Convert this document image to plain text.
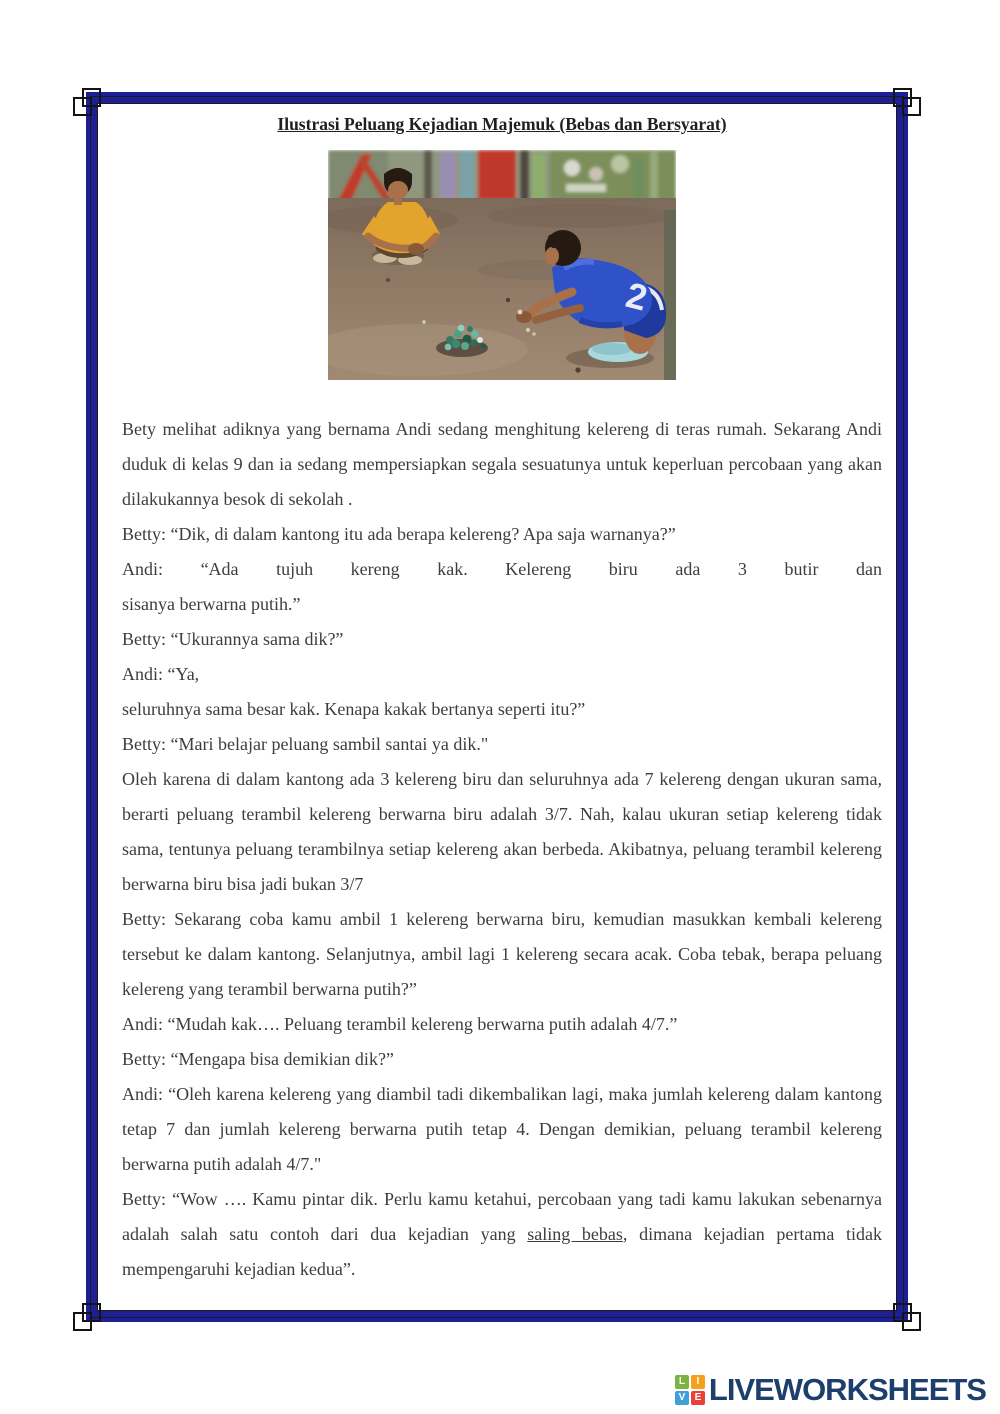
Ilustrasi Peluang Kejadian Majemuk (Bebas dan Bersyarat)
2

Bety melihat adiknya yang bernama Andi sedang menghitung kelereng di teras rumah. Sekarang Andi duduk di kelas 9 dan ia sedang mempersiapkan segala sesuatunya untuk keperluan percobaan yang akan dilakukannya besok di sekolah .

Betty: “Dik, di dalam kantong itu ada berapa kelereng? Apa saja warnanya?”

Andi: “Ada tujuh kereng kak. Kelereng biru ada 3 butir dan
sisanya berwarna putih.”

Betty: “Ukurannya sama dik?”

Andi: “Ya,

seluruhnya sama besar kak. Kenapa kakak bertanya seperti itu?”

Betty: “Mari belajar peluang sambil santai ya dik."

Oleh karena di dalam kantong ada 3 kelereng biru dan seluruhnya ada 7 kelereng dengan ukuran sama, berarti peluang terambil kelereng berwarna biru adalah 3/7. Nah, kalau ukuran setiap kelereng tidak sama, tentunya peluang terambilnya setiap kelereng akan berbeda. Akibatnya, peluang terambil kelereng berwarna biru bisa jadi bukan 3/7

Betty: Sekarang coba kamu ambil 1 kelereng berwarna biru, kemudian masukkan kembali kelereng tersebut ke dalam kantong. Selanjutnya, ambil lagi 1 kelereng secara acak. Coba tebak, berapa peluang kelereng yang terambil berwarna putih?”

Andi: “Mudah kak…. Peluang terambil kelereng berwarna putih adalah 4/7.”

Betty: “Mengapa bisa demikian dik?”

Andi: “Oleh karena kelereng yang diambil tadi dikembalikan lagi, maka jumlah kelereng dalam kantong tetap 7 dan jumlah kelereng berwarna putih tetap 4. Dengan demikian, peluang terambil kelereng berwarna putih adalah 4/7."

Betty: “Wow …. Kamu pintar dik. Perlu kamu ketahui, percobaan yang tadi kamu lakukan sebenarnya adalah salah satu contoh dari dua kejadian yang saling bebas, dimana kejadian pertama tidak mempengaruhi kejadian kedua”.

L	I
V E LIVEWORKSHEETS
